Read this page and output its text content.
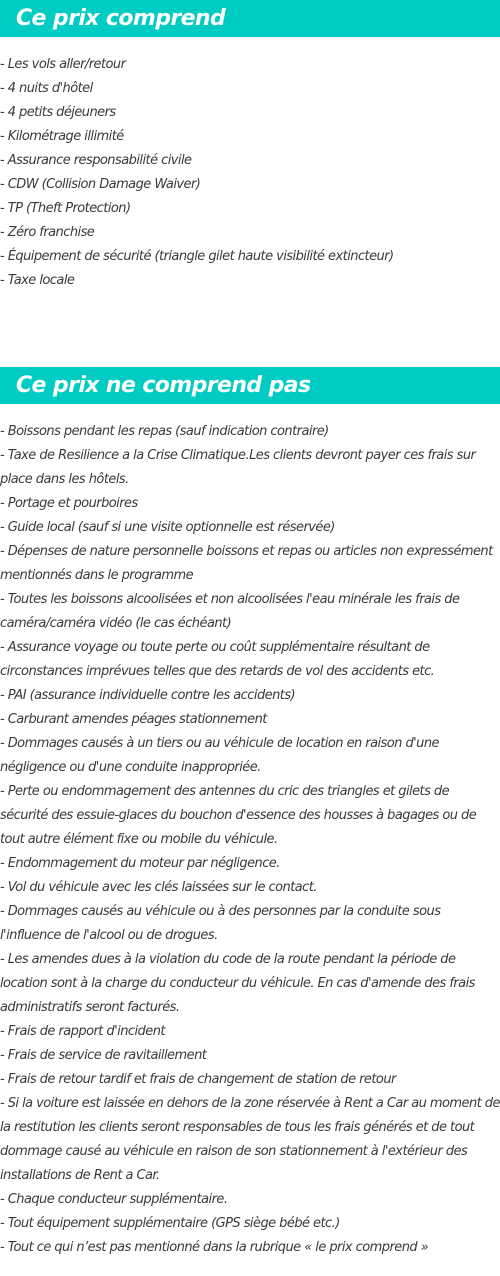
Ce prix comprend
- Les vols aller/retour
- 4 nuits d'hôtel
- 4 petits déjeuners
- Kilométrage illimité
- Assurance responsabilité civile
- CDW (Collision Damage Waiver)
- TP (Theft Protection)
- Zéro franchise
- Équipement de sécurité (triangle gilet haute visibilité extincteur)
- Taxe locale
Ce prix ne comprend pas
- Boissons pendant les repas (sauf indication contraire)
- Taxe de Resilience a la Crise Climatique.Les clients devront payer ces frais sur place dans les hôtels.
- Portage et pourboires
- Guide local (sauf si une visite optionnelle est réservée)
- Dépenses de nature personnelle boissons et repas ou articles non expressément mentionnés dans le programme
- Toutes les boissons alcoolisées et non alcoolisées l'eau minérale les frais de caméra/caméra vidéo (le cas échéant)
- Assurance voyage ou toute perte ou coût supplémentaire résultant de circonstances imprévues telles que des retards de vol des accidents etc.
- PAI (assurance individuelle contre les accidents)
- Carburant amendes péages stationnement
- Dommages causés à un tiers ou au véhicule de location en raison d'une négligence ou d'une conduite inappropriée.
- Perte ou endommagement des antennes du cric des triangles et gilets de sécurité des essuie-glaces du bouchon d'essence des housses à bagages ou de tout autre élément fixe ou mobile du véhicule.
- Endommagement du moteur par négligence.
- Vol du véhicule avec les clés laissées sur le contact.
- Dommages causés au véhicule ou à des personnes par la conduite sous l'influence de l'alcool ou de drogues.
- Les amendes dues à la violation du code de la route pendant la période de location sont à la charge du conducteur du véhicule. En cas d'amende des frais administratifs seront facturés.
- Frais de rapport d'incident
- Frais de service de ravitaillement
- Frais de retour tardif et frais de changement de station de retour
- Si la voiture est laissée en dehors de la zone réservée à Rent a Car au moment de la restitution les clients seront responsables de tous les frais générés et de tout dommage causé au véhicule en raison de son stationnement à l'extérieur des installations de Rent a Car.
- Chaque conducteur supplémentaire.
- Tout équipement supplémentaire (GPS siège bébé etc.)
- Tout ce qui n’est pas mentionné dans la rubrique « le prix comprend »
